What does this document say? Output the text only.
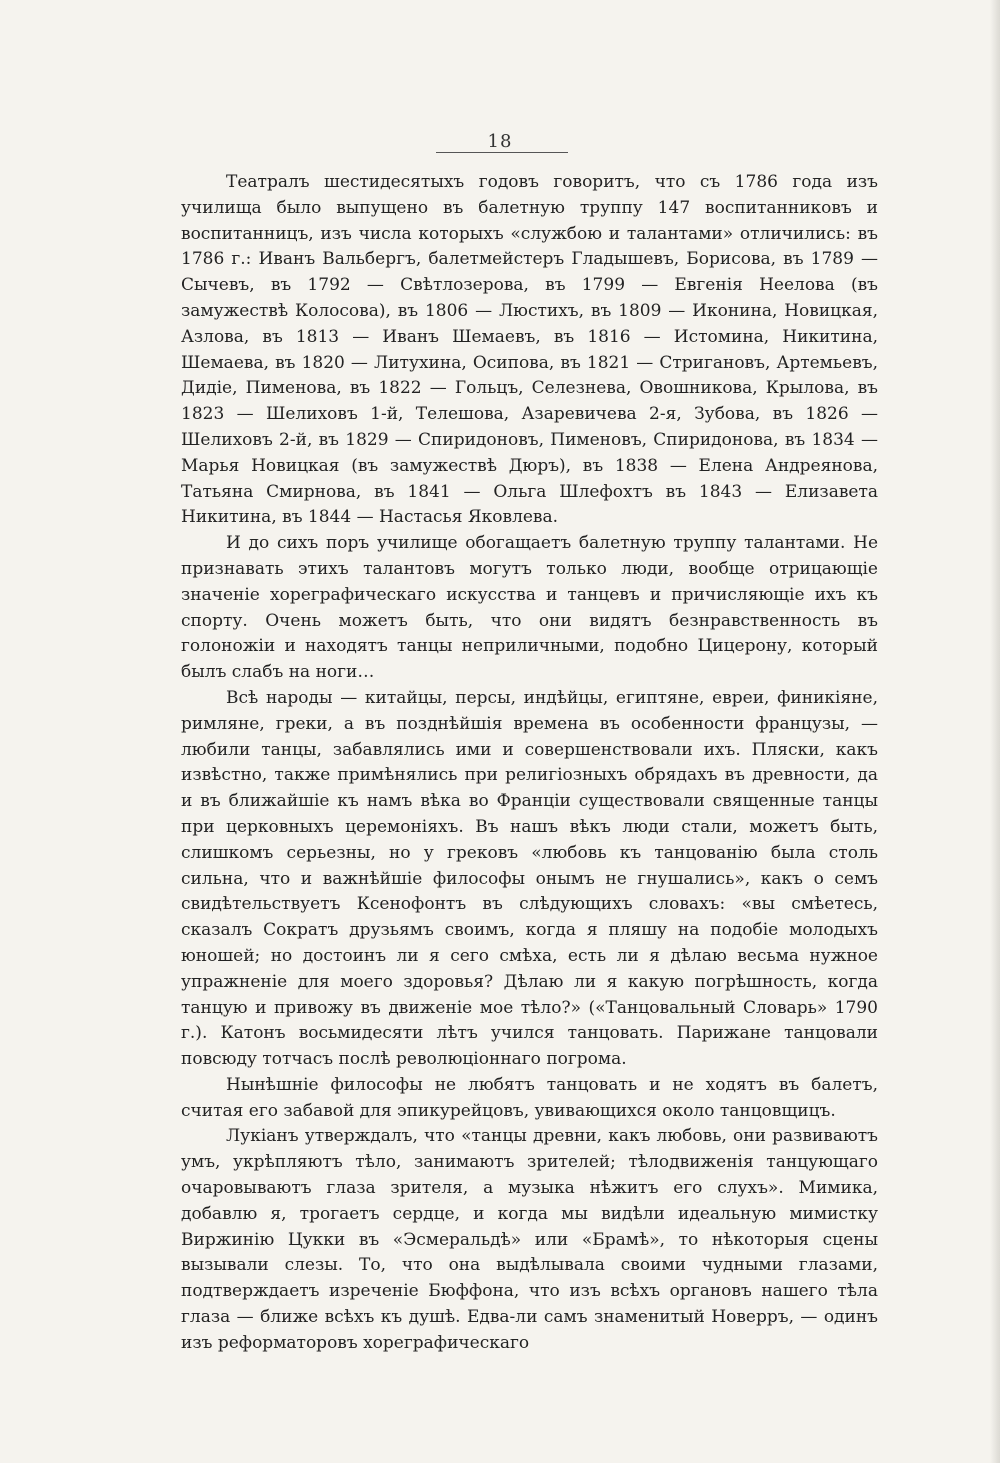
18

Театралъ шестидесятыхъ годовъ говоритъ, что съ 1786 года изъ училища было выпущено въ балетную труппу 147 воспитанниковъ и воспитанницъ, изъ числа которыхъ «службою и талантами» отличились: въ 1786 г.: Иванъ Вальбергъ, балетмейстеръ Гладышевъ, Борисова, въ 1789 — Сычевъ, въ 1792 — Свѣтлозерова, въ 1799 — Евгенія Неелова (въ замужествѣ Колосова), въ 1806 — Люстихъ, въ 1809 — Иконина, Новицкая, Азлова, въ 1813 — Иванъ Шемаевъ, въ 1816 — Истомина, Никитина, Шемаева, въ 1820 — Литухина, Осипова, въ 1821 — Стригановъ, Артемьевъ, Дидie, Пименова, въ 1822 — Гольцъ, Селезнева, Овошникова, Крылова, въ 1823 — Шелиховъ 1-й, Телешова, Азаревичева 2-я, Зубова, въ 1826 — Шелиховъ 2-й, въ 1829 — Спиридоновъ, Пименовъ, Спиридонова, въ 1834 — Марья Новицкая (въ замужествѣ Дюръ), въ 1838 — Елена Андреянова, Татьяна Смирнова, въ 1841 — Ольга Шлефохтъ въ 1843 — Елизавета Никитина, въ 1844 — Настасья Яковлева.

И до сихъ поръ училище обогащаетъ балетную труппу талантами. Не признавать этихъ талантовъ могутъ только люди, вообще отрицающіе значеніе хореграфическаго искусства и танцевъ и причисляющіе ихъ къ спорту. Очень можетъ быть, что они видятъ безнравственность въ голоножіи и находятъ танцы неприличными, подобно Цицерону, который былъ слабъ на ноги…

Всѣ народы — китайцы, персы, индѣйцы, египтяне, евреи, финикіяне, римляне, греки, а въ позднѣйшія времена въ особенности французы, — любили танцы, забавлялись ими и совершенствовали ихъ. Пляски, какъ извѣстно, также примѣнялись при религіозныхъ обрядахъ въ древности, да и въ ближайшіе къ намъ вѣка во Франціи существовали священные танцы при церковныхъ церемоніяхъ. Въ нашъ вѣкъ люди стали, можетъ быть, слишкомъ серьезны, но у грековъ «любовь къ танцованію была столь сильна, что и важнѣйшіе философы онымъ не гнушались», какъ о семъ свидѣтельствуетъ Ксенофонтъ въ слѣдующихъ словахъ: «вы смѣетесь, сказалъ Сократъ друзьямъ своимъ, когда я пляшу на подобіе молодыхъ юношей; но достоинъ ли я сего смѣха, есть ли я дѣлаю весьма нужное упражненіе для моего здоровья? Дѣлаю ли я какую погрѣшность, когда танцую и привожу въ движеніе мое тѣло?» («Танцовальный Словарь» 1790 г.). Катонъ восьмидесяти лѣтъ учился танцовать. Парижане танцовали повсюду тотчасъ послѣ революціоннаго погрома.

Нынѣшніе философы не любятъ танцовать и не ходятъ въ балетъ, считая его забавой для эпикурейцовъ, увивающихся около танцовщицъ.

Лукіанъ утверждалъ, что «танцы древни, какъ любовь, они развиваютъ умъ, укрѣпляютъ тѣло, занимаютъ зрителей; тѣлодвиженія танцующаго очаровываютъ глаза зрителя, а музыка нѣжитъ его слухъ». Мимика, добавлю я, трогаетъ сердце, и когда мы видѣли идеальную мимистку Виржинію Цукки въ «Эсмеральдѣ» или «Брамѣ», то нѣкоторыя сцены вызывали слезы. То, что она выдѣлывала своими чудными глазами, подтверждаетъ изреченіе Бюффона, что изъ всѣхъ органовъ нашего тѣла глаза — ближе всѣхъ къ душѣ. Едва-ли самъ знаменитый Новерръ, — одинъ изъ реформаторовъ хореграфическаго
